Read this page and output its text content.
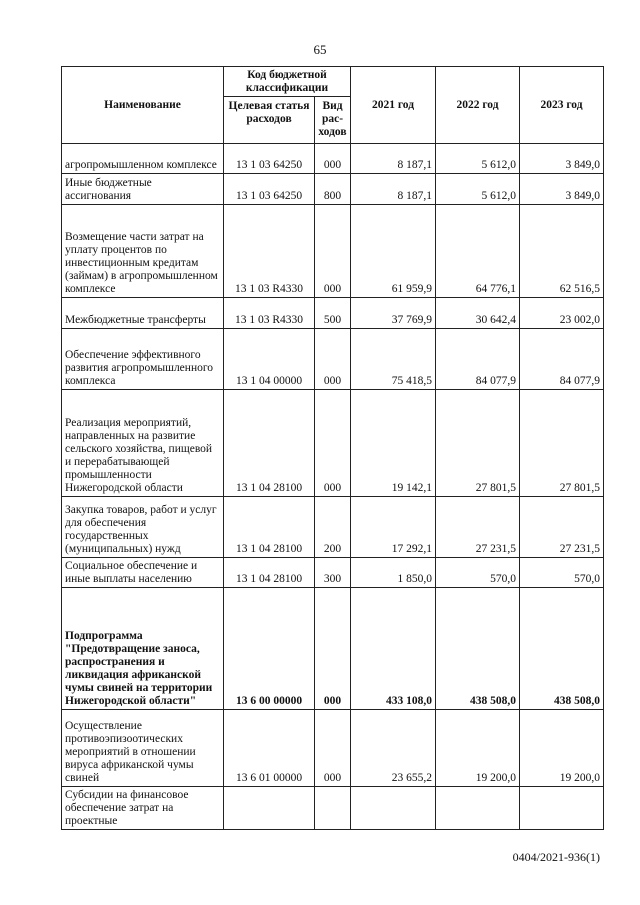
65
Наименование	Код бюджетной классификации		2021 год	2022 год	2023 год
	Целевая статья расходов	Вид рас-ходов			
агропромышленном комплексе	13 1 03 64250	000	8 187,1	5 612,0	3 849,0
Иные бюджетные ассигнования	13 1 03 64250	800	8 187,1	5 612,0	3 849,0
Возмещение части затрат на уплату процентов по инвестиционным кредитам (займам) в агропромышленном комплексе	13 1 03 R4330	000	61 959,9	64 776,1	62 516,5
Межбюджетные трансферты	13 1 03 R4330	500	37 769,9	30 642,4	23 002,0
Обеспечение эффективного развития агропромышленного комплекса	13 1 04 00000	000	75 418,5	84 077,9	84 077,9
Реализация мероприятий, направленных на развитие сельского хозяйства, пищевой и перерабатывающей промышленности Нижегородской области	13 1 04 28100	000	19 142,1	27 801,5	27 801,5
Закупка товаров, работ и услуг для обеспечения государственных (муниципальных) нужд	13 1 04 28100	200	17 292,1	27 231,5	27 231,5
Социальное обеспечение и иные выплаты населению	13 1 04 28100	300	1 850,0	570,0	570,0
Подпрограмма "Предотвращение заноса, распространения и ликвидация африканской чумы свиней на территории Нижегородской области"	13 6 00 00000	000	433 108,0	438 508,0	438 508,0
Осуществление противоэпизоотических мероприятий в отношении вируса африканской чумы свиней	13 6 01 00000	000	23 655,2	19 200,0	19 200,0
Субсидии на финансовое обеспечение затрат на проектные					
0404/2021-936(1)
